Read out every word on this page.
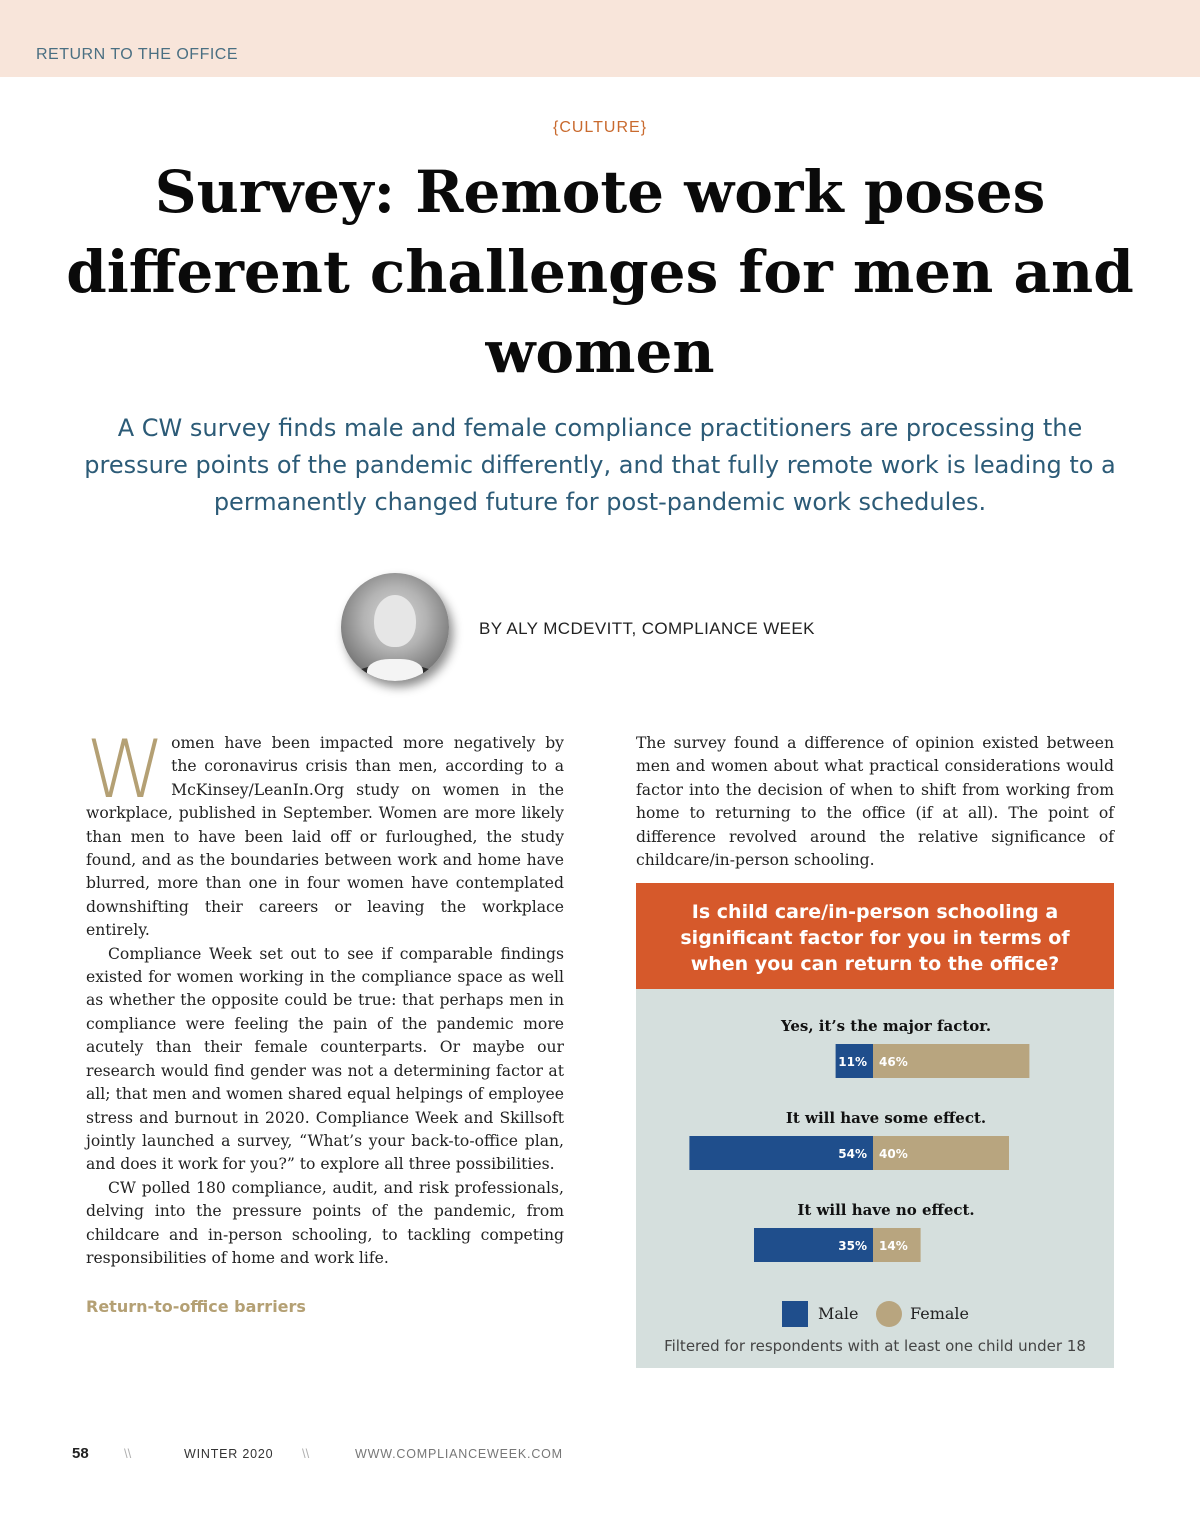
RETURN TO THE OFFICE
{CULTURE}
Survey: Remote work poses different challenges for men and women
A CW survey finds male and female compliance practitioners are processing the pressure points of the pandemic differently, and that fully remote work is leading to a permanently changed future for post-pandemic work schedules.
BY ALY MCDEVITT, COMPLIANCE WEEK

Women have been impacted more negatively by the coronavirus crisis than men, according to a McKinsey/LeanIn.Org study on women in the workplace, published in September. Women are more likely than men to have been laid off or furloughed, the study found, and as the boundaries between work and home have blurred, more than one in four women have contemplated downshifting their careers or leaving the workplace entirely.

Compliance Week set out to see if comparable findings existed for women working in the compliance space as well as whether the opposite could be true: that perhaps men in compliance were feeling the pain of the pandemic more acutely than their female counterparts. Or maybe our research would find gender was not a determining factor at all; that men and women shared equal helpings of employee stress and burnout in 2020. Compliance Week and Skillsoft jointly launched a survey, “What’s your back-to-office plan, and does it work for you?” to explore all three possibilities.

CW polled 180 compliance, audit, and risk professionals, delving into the pressure points of the pandemic, from childcare and in-person schooling, to tackling competing responsibilities of home and work life.

Return-to-office barriers

The survey found a difference of opinion existed between men and women about what practical considerations would factor into the decision of when to shift from working from home to returning to the office (if at all). The point of difference revolved around the relative significance of childcare/in-person schooling.

Is child care/in-person schooling a significant factor for you in terms of when you can return to the office?

Yes, it’s the major factor.
11% 46%
It will have some effect.
54% 40%
It will have no effect.
35% 14%
Male	Female
Filtered for respondents with at least one child under 18
58	\\	WINTER 2020 \\	WWW.COMPLIANCEWEEK.COM
